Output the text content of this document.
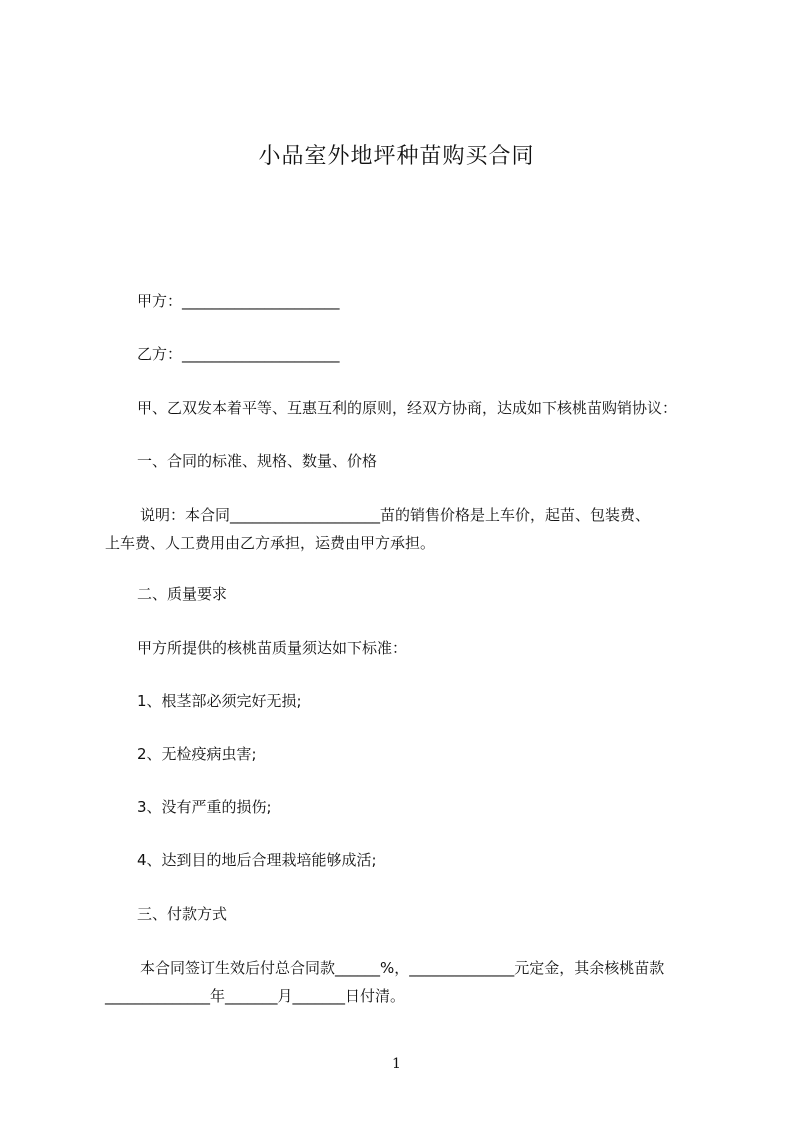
小品室外地坪种苗购买合同
甲方：_____________________
乙方：_____________________
甲、乙双发本着平等、互惠互利的原则，经双方协商，达成如下核桃苗购销协议：
一、合同的标准、规格、数量、价格
说明：本合同____________________苗的销售价格是上车价，起苗、包装费、
上车费、人工费用由乙方承担，运费由甲方承担。
二、质量要求
甲方所提供的核桃苗质量须达如下标准：
1、根茎部必须完好无损;
2、无检疫病虫害;
3、没有严重的损伤;
4、达到目的地后合理栽培能够成活;
三、付款方式
本合同签订生效后付总合同款______%，______________元定金，其余核桃苗款
______________年_______月_______日付清。
1
